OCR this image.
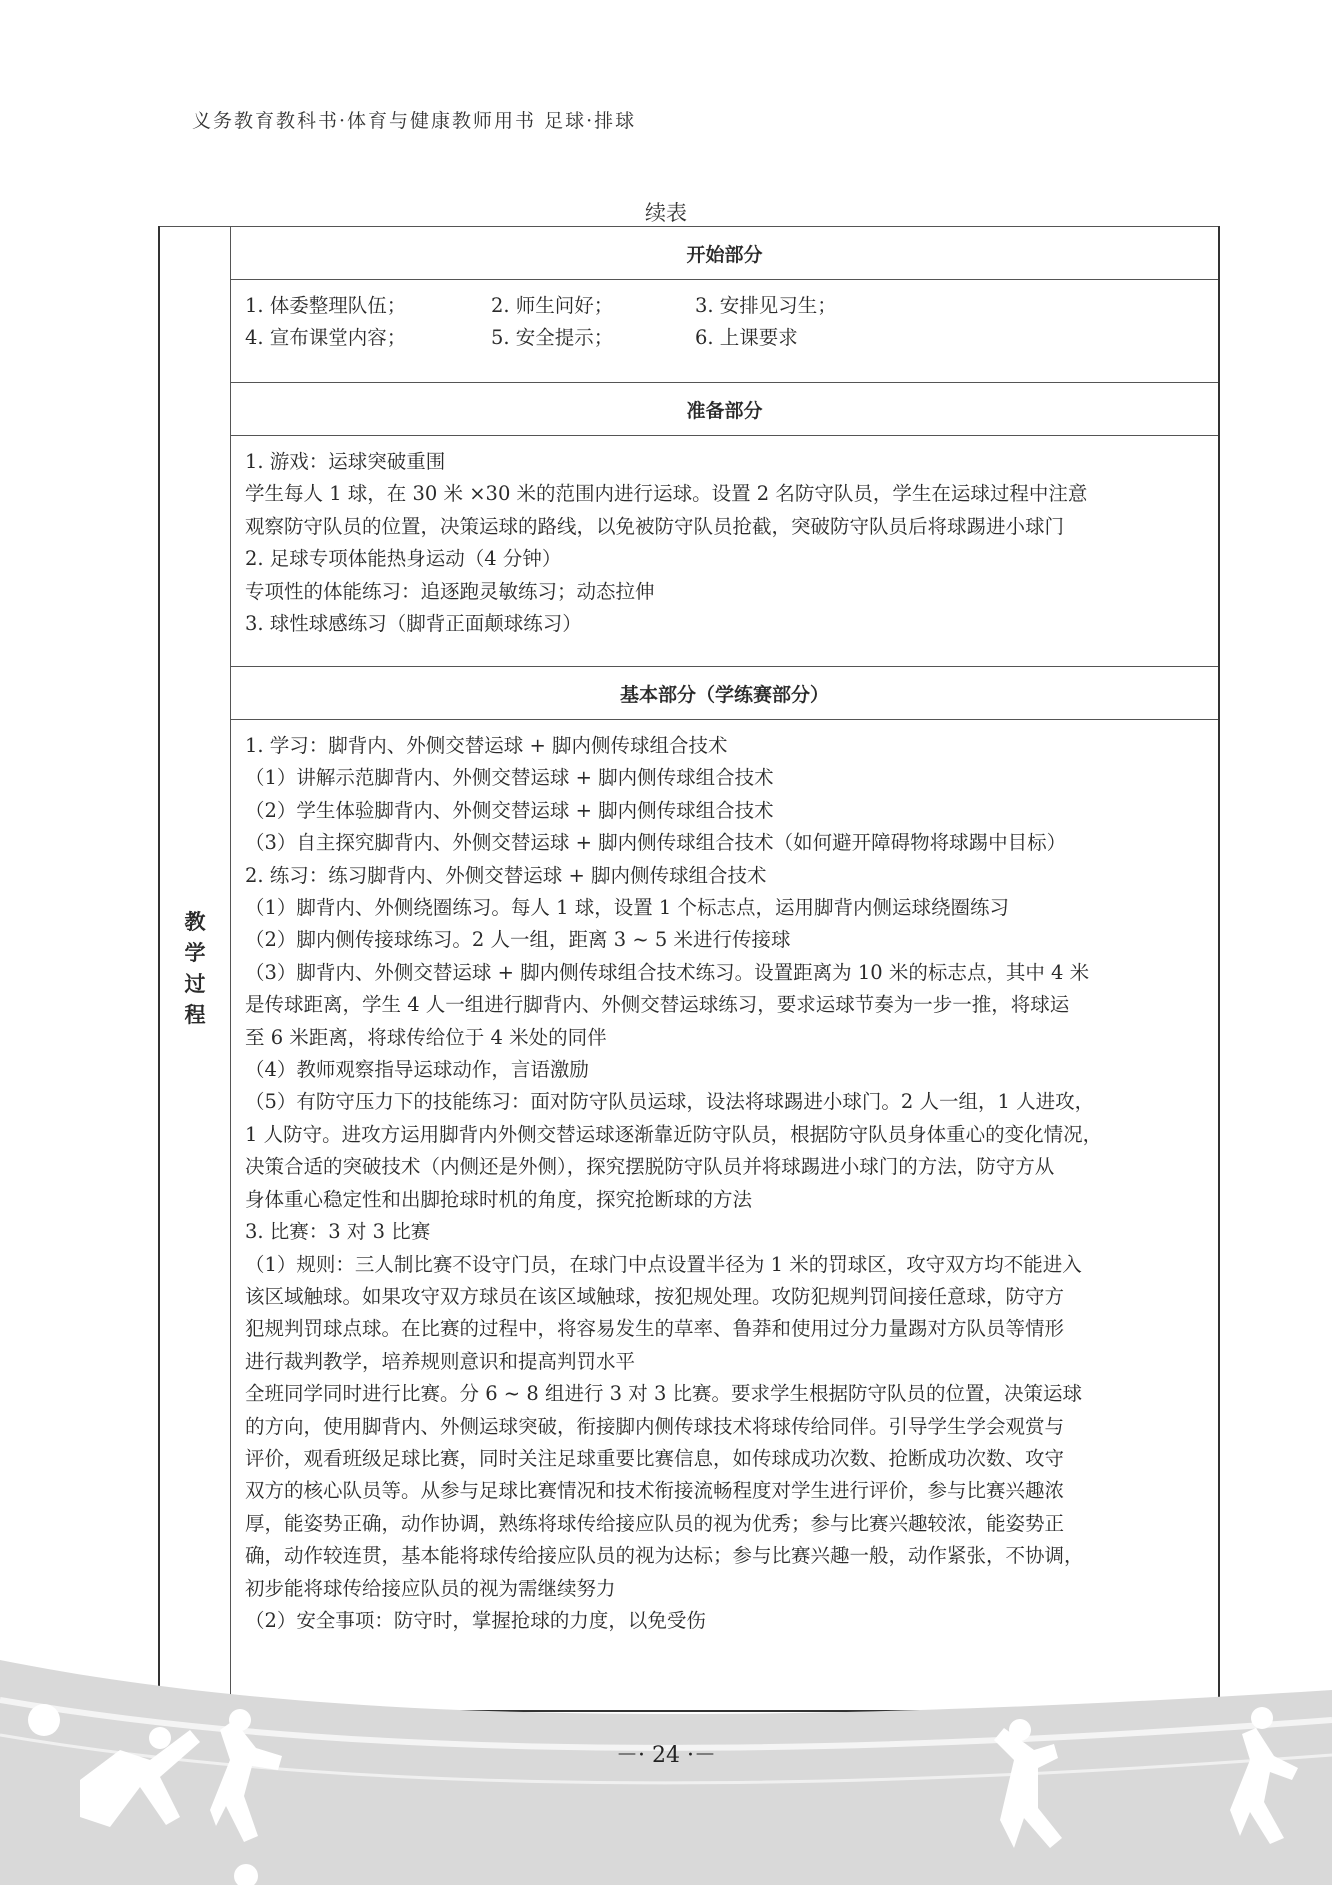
义务教育教科书·体育与健康教师用书 足球·排球
续表
教学过程
	开始部分

1. 体委整理队伍；	2. 师生问好；	3. 安排见习生；
4. 宣布课堂内容；	5. 安全提示；	6. 上课要求

准备部分

1. 游戏：运球突破重围
学生每人 1 球，在 30 米 ×30 米的范围内进行运球。设置 2 名防守队员，学生在运球过程中注意
观察防守队员的位置，决策运球的路线，以免被防守队员抢截，突破防守队员后将球踢进小球门
2. 足球专项体能热身运动（4 分钟）
专项性的体能练习：追逐跑灵敏练习；动态拉伸
3. 球性球感练习（脚背正面颠球练习）

基本部分（学练赛部分）

1. 学习：脚背内、外侧交替运球 + 脚内侧传球组合技术
（1）讲解示范脚背内、外侧交替运球 + 脚内侧传球组合技术
（2）学生体验脚背内、外侧交替运球 + 脚内侧传球组合技术
（3）自主探究脚背内、外侧交替运球 + 脚内侧传球组合技术（如何避开障碍物将球踢中目标）
2. 练习：练习脚背内、外侧交替运球 + 脚内侧传球组合技术
（1）脚背内、外侧绕圈练习。每人 1 球，设置 1 个标志点，运用脚背内侧运球绕圈练习
（2）脚内侧传接球练习。2 人一组，距离 3 ~ 5 米进行传接球
（3）脚背内、外侧交替运球 + 脚内侧传球组合技术练习。设置距离为 10 米的标志点，其中 4 米
是传球距离，学生 4 人一组进行脚背内、外侧交替运球练习，要求运球节奏为一步一推，将球运
至 6 米距离，将球传给位于 4 米处的同伴
（4）教师观察指导运球动作，言语激励
（5）有防守压力下的技能练习：面对防守队员运球，设法将球踢进小球门。2 人一组，1 人进攻，
1 人防守。进攻方运用脚背内外侧交替运球逐渐靠近防守队员，根据防守队员身体重心的变化情况，
决策合适的突破技术（内侧还是外侧），探究摆脱防守队员并将球踢进小球门的方法，防守方从
身体重心稳定性和出脚抢球时机的角度，探究抢断球的方法
3. 比赛：3 对 3 比赛
（1）规则：三人制比赛不设守门员，在球门中点设置半径为 1 米的罚球区，攻守双方均不能进入
该区域触球。如果攻守双方球员在该区域触球，按犯规处理。攻防犯规判罚间接任意球，防守方
犯规判罚球点球。在比赛的过程中，将容易发生的草率、鲁莽和使用过分力量踢对方队员等情形
进行裁判教学，培养规则意识和提高判罚水平
全班同学同时进行比赛。分 6 ~ 8 组进行 3 对 3 比赛。要求学生根据防守队员的位置，决策运球
的方向，使用脚背内、外侧运球突破，衔接脚内侧传球技术将球传给同伴。引导学生学会观赏与
评价，观看班级足球比赛，同时关注足球重要比赛信息，如传球成功次数、抢断成功次数、攻守
双方的核心队员等。从参与足球比赛情况和技术衔接流畅程度对学生进行评价，参与比赛兴趣浓
厚，能姿势正确，动作协调，熟练将球传给接应队员的视为优秀；参与比赛兴趣较浓，能姿势正
确，动作较连贯，基本能将球传给接应队员的视为达标；参与比赛兴趣一般，动作紧张，不协调，
初步能将球传给接应队员的视为需继续努力
（2）安全事项：防守时，掌握抢球的力度，以免受伤
－· 24 ·－
